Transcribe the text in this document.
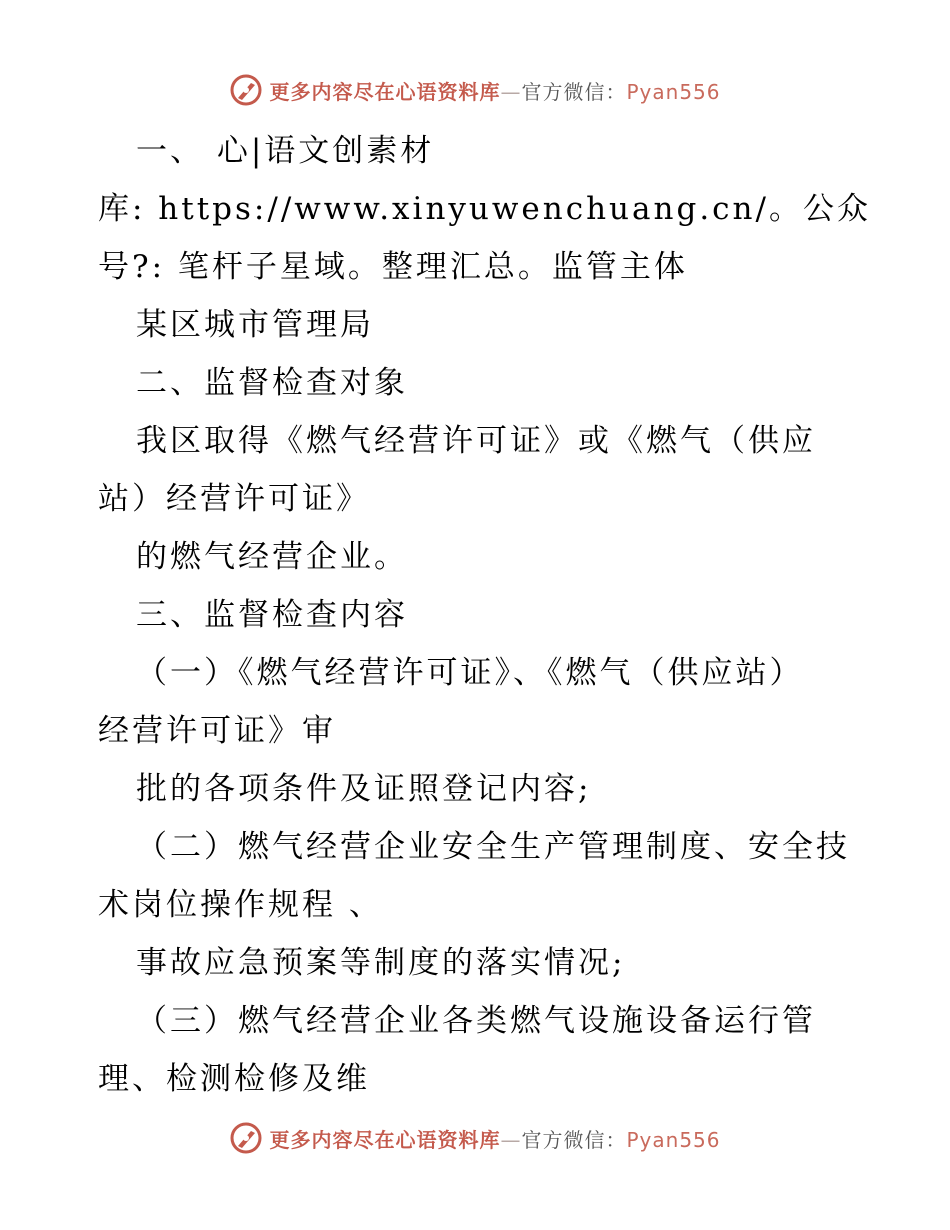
更多内容尽在心语资料库—官方微信：Pyan556
一、 心|语文创素材
库: https://www.xinyuwenchuang.cn/。公众
号?: 笔杆子星域。整理汇总。监管主体
某区城市管理局
二、监督检查对象
我区取得《燃气经营许可证》或《燃气（供应
站）经营许可证》
的燃气经营企业。
三、监督检查内容
（一）《燃气经营许可证》、《燃气（供应站）
经营许可证》审
批的各项条件及证照登记内容;
（二）燃气经营企业安全生产管理制度、安全技
术岗位操作规程 、
事故应急预案等制度的落实情况;
（三）燃气经营企业各类燃气设施设备运行管
理、检测检修及维
更多内容尽在心语资料库—官方微信：Pyan556
